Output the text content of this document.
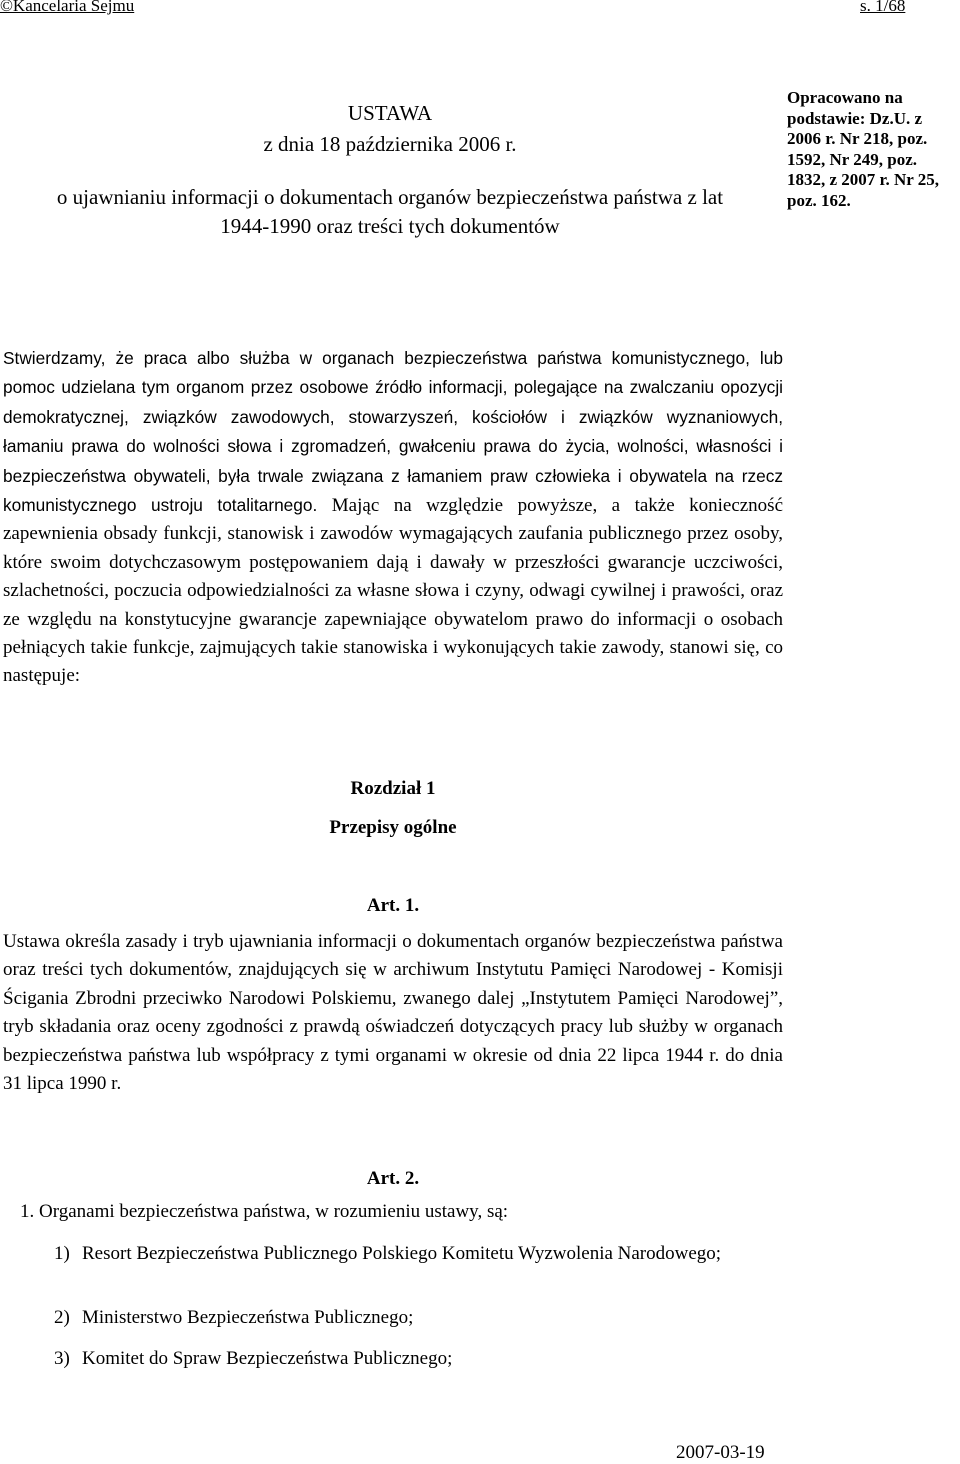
©Kancelaria Sejmu	s. 1/68
USTAWA
z dnia 18 października 2006 r.
o ujawnianiu informacji o dokumentach organów bezpieczeństwa państwa z lat 1944-1990 oraz treści tych dokumentów
Opracowano na podstawie: Dz.U. z 2006 r. Nr 218, poz. 1592, Nr 249, poz. 1832, z 2007 r. Nr 25, poz. 162.
Stwierdzamy, że praca albo służba w organach bezpieczeństwa państwa komunistycznego, lub pomoc udzielana tym organom przez osobowe źródło informacji, polegające na zwalczaniu opozycji demokratycznej, związków zawodowych, stowarzyszeń, kościołów i związków wyznaniowych, łamaniu prawa do wolności słowa i zgromadzeń, gwałceniu prawa do życia, wolności, własności i bezpieczeństwa obywateli, była trwale związana z łamaniem praw człowieka i obywatela na rzecz komunistycznego ustroju totalitarnego. Mając na względzie powyższe, a także konieczność zapewnienia obsady funkcji, stanowisk i zawodów wymagających zaufania publicznego przez osoby, które swoim dotychczasowym postępowaniem dają i dawały w przeszłości gwarancje uczciwości, szlachetności, poczucia odpowiedzialności za własne słowa i czyny, odwagi cywilnej i prawości, oraz ze względu na konstytucyjne gwarancje zapewniające obywatelom prawo do informacji o osobach pełniących takie funkcje, zajmujących takie stanowiska i wykonujących takie zawody, stanowi się, co następuje:
Rozdział 1
Przepisy ogólne
Art. 1.
Ustawa określa zasady i tryb ujawniania informacji o dokumentach organów bezpieczeństwa państwa oraz treści tych dokumentów, znajdujących się w archiwum Instytutu Pamięci Narodowej - Komisji Ścigania Zbrodni przeciwko Narodowi Polskiemu, zwanego dalej „Instytutem Pamięci Narodowej”, tryb składania oraz oceny zgodności z prawdą oświadczeń dotyczących pracy lub służby w organach bezpieczeństwa państwa lub współpracy z tymi organami w okresie od dnia 22 lipca 1944 r. do dnia 31 lipca 1990 r.
Art. 2.
1. Organami bezpieczeństwa państwa, w rozumieniu ustawy, są:
1) Resort Bezpieczeństwa Publicznego Polskiego Komitetu Wyzwolenia Narodowego;
2) Ministerstwo Bezpieczeństwa Publicznego;
3) Komitet do Spraw Bezpieczeństwa Publicznego;
2007-03-19
